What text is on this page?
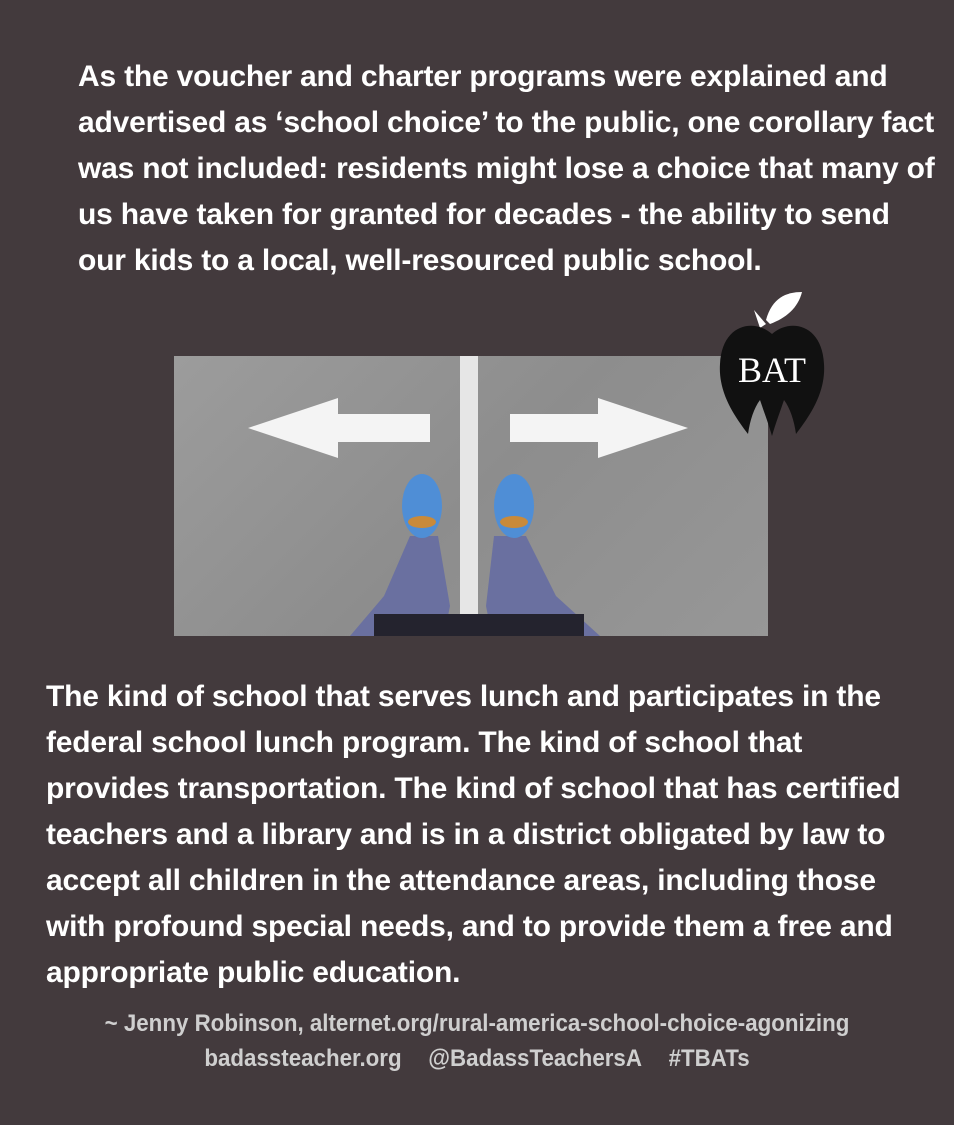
As the voucher and charter programs were explained and advertised as ‘school choice’ to the public, one corollary fact was not included: residents might lose a choice that many of us have taken for granted for decades - the ability to send our kids to a local, well-resourced public school.

BAT

The kind of school that serves lunch and participates in the federal school lunch program. The kind of school that provides transportation. The kind of school that has certified teachers and a library and is in a district obligated by law to accept all children in the attendance areas, including those with profound special needs, and to provide them a free and appropriate public education.

~ Jenny Robinson, alternet.org/rural-america-school-choice-agonizing
badassteacher.org @BadassTeachersA #TBATs
